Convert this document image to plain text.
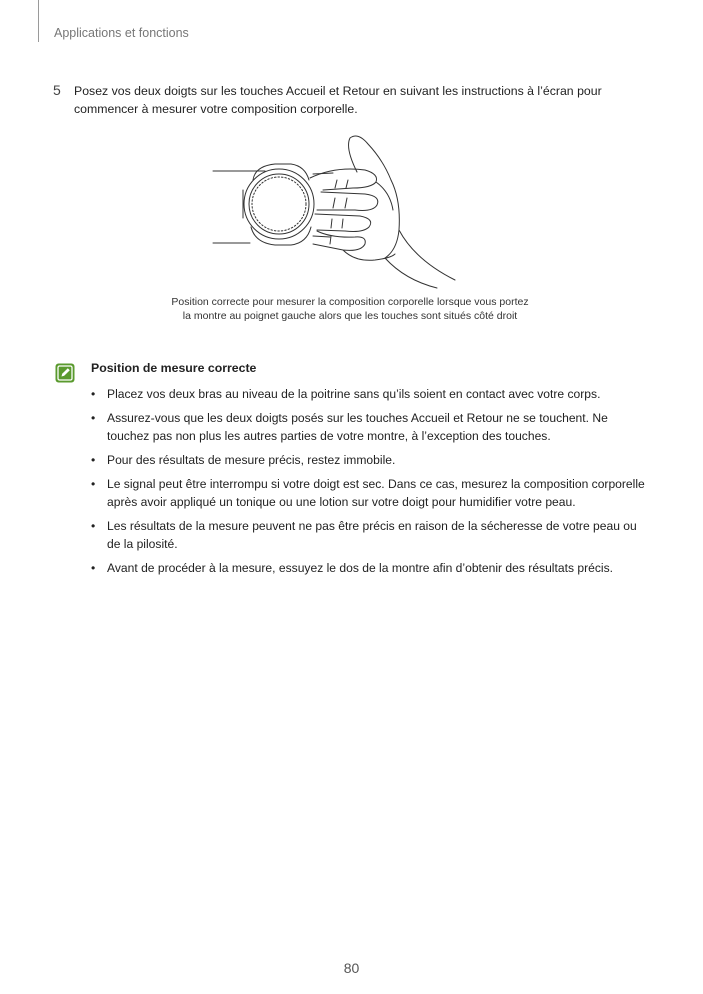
Applications et fonctions
5 Posez vos deux doigts sur les touches Accueil et Retour en suivant les instructions à l’écran pour commencer à mesurer votre composition corporelle.
Position correcte pour mesurer la composition corporelle lorsque vous portez
la montre au poignet gauche alors que les touches sont situés côté droit
Position de mesure correcte
• Placez vos deux bras au niveau de la poitrine sans qu’ils soient en contact avec votre corps.
• Assurez-vous que les deux doigts posés sur les touches Accueil et Retour ne se touchent. Ne touchez pas non plus les autres parties de votre montre, à l’exception des touches.
• Pour des résultats de mesure précis, restez immobile.
• Le signal peut être interrompu si votre doigt est sec. Dans ce cas, mesurez la composition corporelle après avoir appliqué un tonique ou une lotion sur votre doigt pour humidifier votre peau.
• Les résultats de la mesure peuvent ne pas être précis en raison de la sécheresse de votre peau ou de la pilosité.
• Avant de procéder à la mesure, essuyez le dos de la montre afin d’obtenir des résultats précis.
80
